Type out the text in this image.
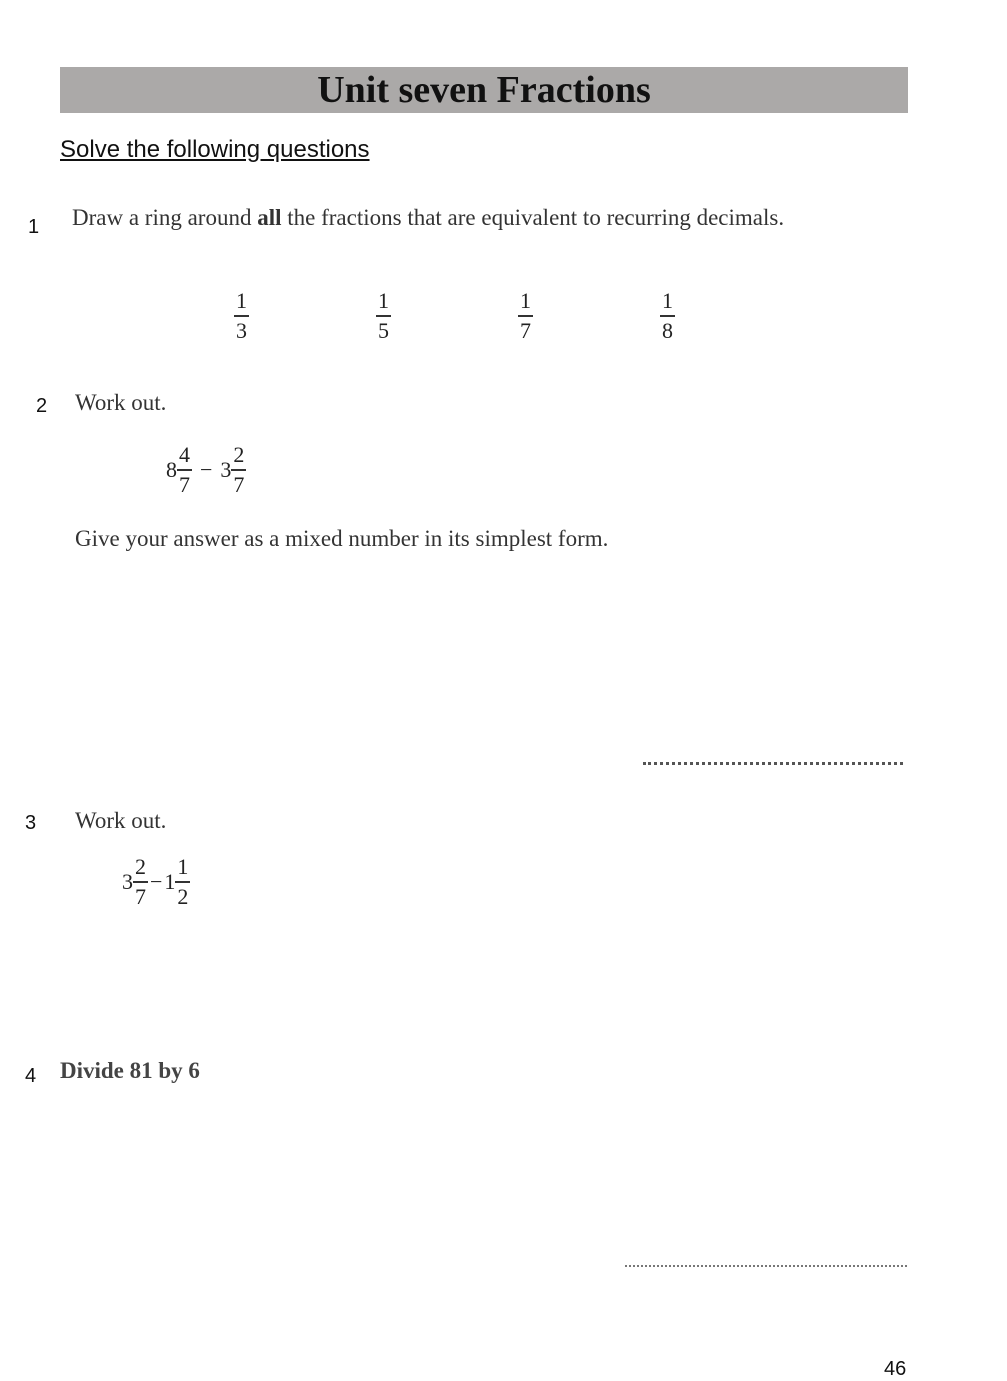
Unit seven Fractions
Solve the following questions
1 Draw a ring around all the fractions that are equivalent to recurring decimals.
1
3
1
5
1
7
1
8
2 Work out.
$8 \frac{4}{7} - 3 \frac{2}{7}$
Give your answer as a mixed number in its simplest form.
3 Work out.
$3 \frac{2}{7} -1 \frac{1}{2}$
4 Divide 81 by 6
46
